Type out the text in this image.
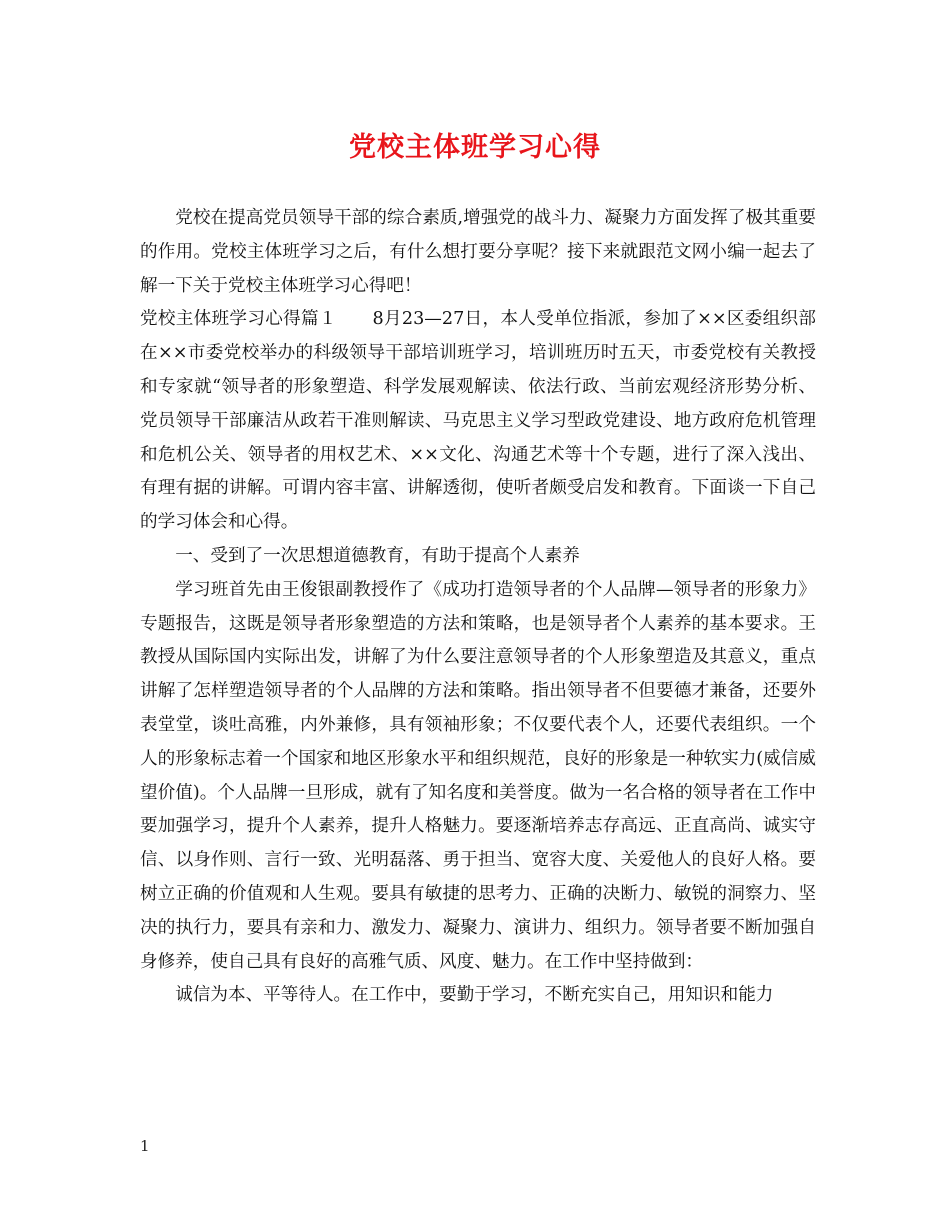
党校主体班学习心得

党校在提高党员领导干部的综合素质,增强党的战斗力、凝聚力方面发挥了极其重要的作用。党校主体班学习之后，有什么想打要分享呢？接下来就跟范文网小编一起去了解一下关于党校主体班学习心得吧！

党校主体班学习心得篇１　　8月23—27日，本人受单位指派，参加了××区委组织部在××市委党校举办的科级领导干部培训班学习，培训班历时五天，市委党校有关教授和专家就“领导者的形象塑造、科学发展观解读、依法行政、当前宏观经济形势分析、党员领导干部廉洁从政若干准则解读、马克思主义学习型政党建设、地方政府危机管理和危机公关、领导者的用权艺术、××文化、沟通艺术等十个专题，进行了深入浅出、有理有据的讲解。可谓内容丰富、讲解透彻，使听者颇受启发和教育。下面谈一下自己的学习体会和心得。

一、受到了一次思想道德教育，有助于提高个人素养

学习班首先由王俊银副教授作了《成功打造领导者的个人品牌—领导者的形象力》专题报告，这既是领导者形象塑造的方法和策略，也是领导者个人素养的基本要求。王教授从国际国内实际出发，讲解了为什么要注意领导者的个人形象塑造及其意义，重点讲解了怎样塑造领导者的个人品牌的方法和策略。指出领导者不但要德才兼备，还要外表堂堂，谈吐高雅，内外兼修，具有领袖形象；不仅要代表个人，还要代表组织。一个人的形象标志着一个国家和地区形象水平和组织规范，良好的形象是一种软实力(威信威望价值)。个人品牌一旦形成，就有了知名度和美誉度。做为一名合格的领导者在工作中要加强学习，提升个人素养，提升人格魅力。要逐渐培养志存高远、正直高尚、诚实守信、以身作则、言行一致、光明磊落、勇于担当、宽容大度、关爱他人的良好人格。要树立正确的价值观和人生观。要具有敏捷的思考力、正确的决断力、敏锐的洞察力、坚决的执行力，要具有亲和力、激发力、凝聚力、演讲力、组织力。领导者要不断加强自身修养，使自己具有良好的高雅气质、风度、魅力。在工作中坚持做到：

诚信为本、平等待人。在工作中，要勤于学习，不断充实自己，用知识和能力

1
